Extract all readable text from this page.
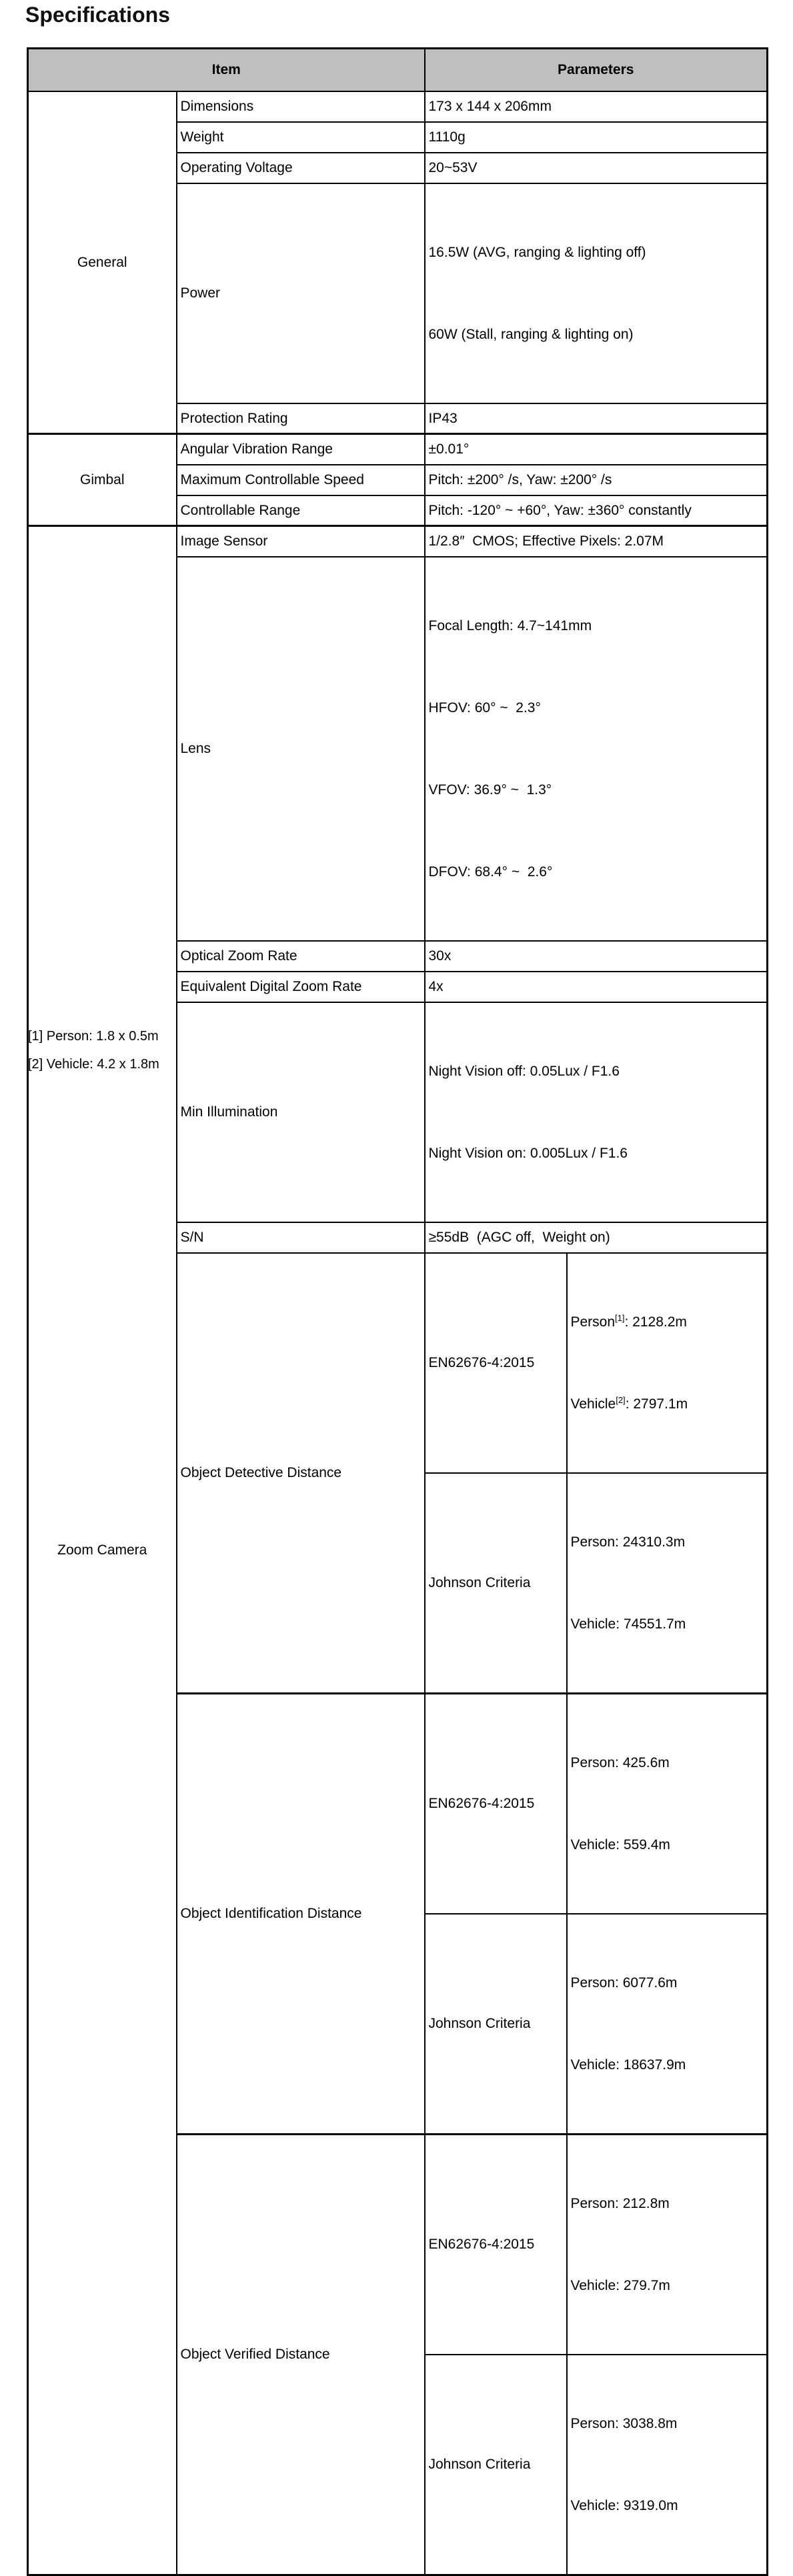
Specifications
Item		Parameters	
General	Dimensions	173 x 144 x 206mm	
	Weight	1110g	
	Operating Voltage	20~53V	
	Power	16.5W (AVG, ranging & lighting off)

60W (Stall, ranging & lighting on)	

	Protection Rating	IP43	
Gimbal	Angular Vibration Range	±0.01°	
	Maximum Controllable Speed	Pitch: ±200° /s, Yaw: ±200° /s	
	Controllable Range	Pitch: -120° ~ +60°, Yaw: ±360° constantly	
Zoom Camera	Image Sensor	1/2.8″  CMOS; Effective Pixels: 2.07M	
	Lens	Focal Length: 4.7~141mm

HFOV: 60° ~  2.3°

VFOV: 36.9° ~  1.3°

DFOV: 68.4° ~  2.6°	

	Optical Zoom Rate	30x	
	Equivalent Digital Zoom Rate	4x	
	Min Illumination	Night Vision off: 0.05Lux / F1.6

Night Vision on: 0.005Lux / F1.6	

	S/N	≥55dB  (AGC off,  Weight on)	
	Object Detective Distance	EN62676-4:2015	Person[1]: 2128.2m

Vehicle[2]: 2797.1m

		Johnson Criteria	Person: 24310.3m

Vehicle: 74551.7m

	Object Identification Distance	EN62676-4:2015	Person: 425.6m

Vehicle: 559.4m

		Johnson Criteria	Person: 6077.6m

Vehicle: 18637.9m

	Object Verified Distance	EN62676-4:2015	Person: 212.8m

Vehicle: 279.7m

		Johnson Criteria	Person: 3038.8m

Vehicle: 9319.0m

[1] Person: 1.8 x 0.5m
[2] Vehicle: 4.2 x 1.8m
